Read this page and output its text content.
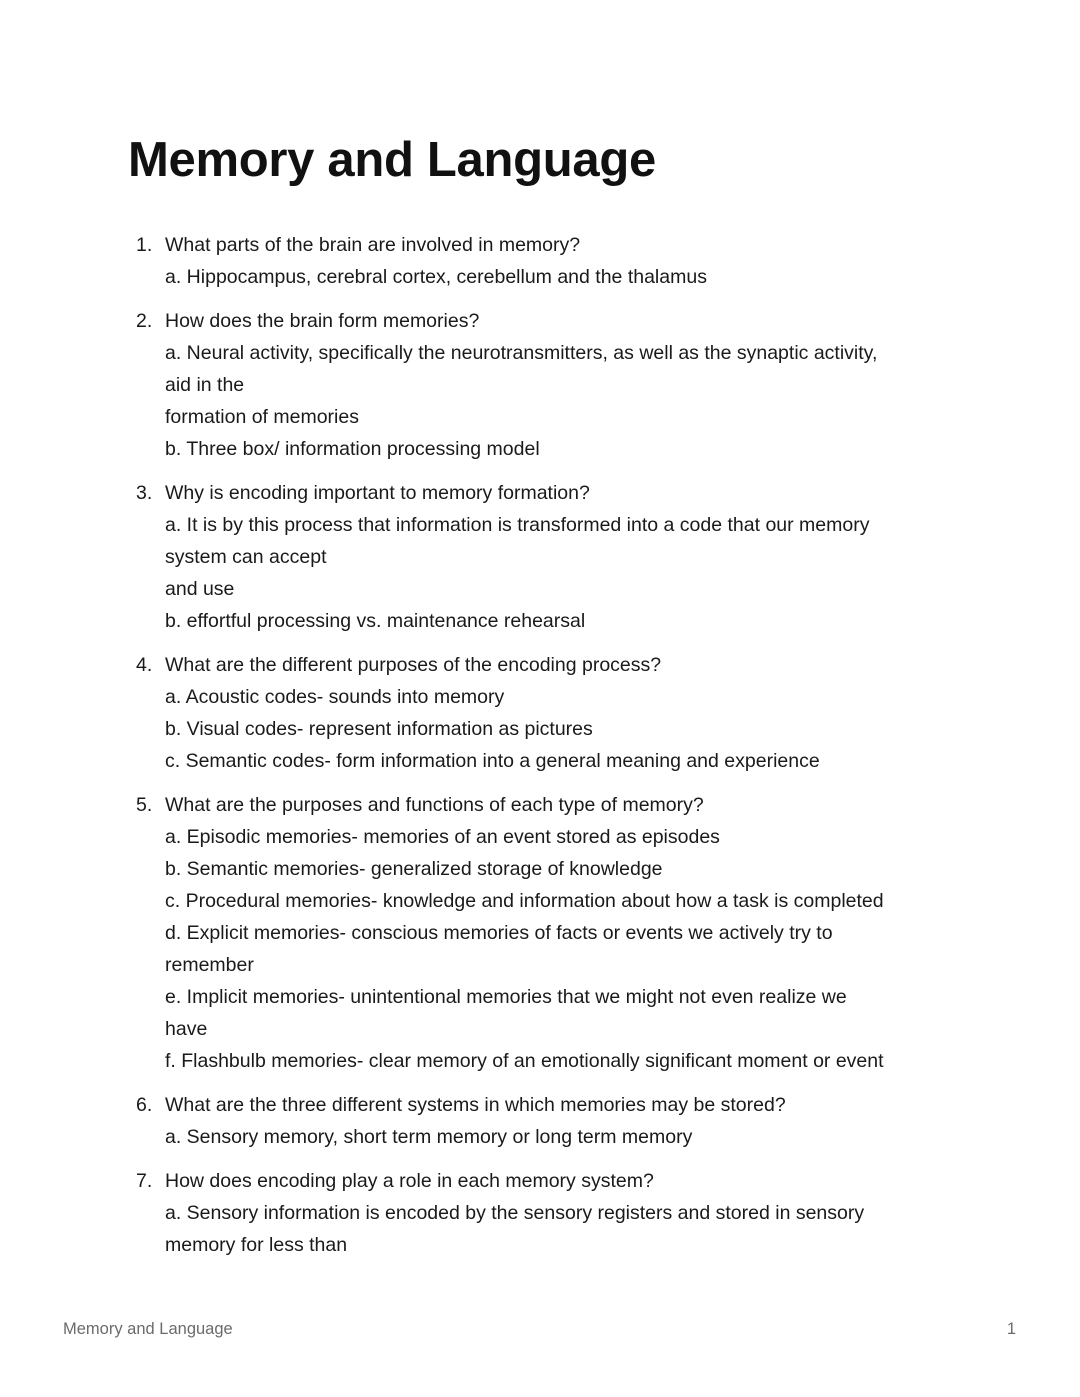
Memory and Language
1. What parts of the brain are involved in memory?
a. Hippocampus, cerebral cortex, cerebellum and the thalamus
2. How does the brain form memories?
a. Neural activity, specifically the neurotransmitters, as well as the synaptic activity,
aid in the
formation of memories
b. Three box/ information processing model
3. Why is encoding important to memory formation?
a. It is by this process that information is transformed into a code that our memory
system can accept
and use
b. effortful processing vs. maintenance rehearsal
4. What are the different purposes of the encoding process?
a. Acoustic codes- sounds into memory
b. Visual codes- represent information as pictures
c. Semantic codes- form information into a general meaning and experience
5. What are the purposes and functions of each type of memory?
a. Episodic memories- memories of an event stored as episodes
b. Semantic memories- generalized storage of knowledge
c. Procedural memories- knowledge and information about how a task is completed
d. Explicit memories- conscious memories of facts or events we actively try to
remember
e. Implicit memories- unintentional memories that we might not even realize we
have
f. Flashbulb memories- clear memory of an emotionally significant moment or event
6. What are the three different systems in which memories may be stored?
a. Sensory memory, short term memory or long term memory
7. How does encoding play a role in each memory system?
a. Sensory information is encoded by the sensory registers and stored in sensory
memory for less than
Memory and Language	1
